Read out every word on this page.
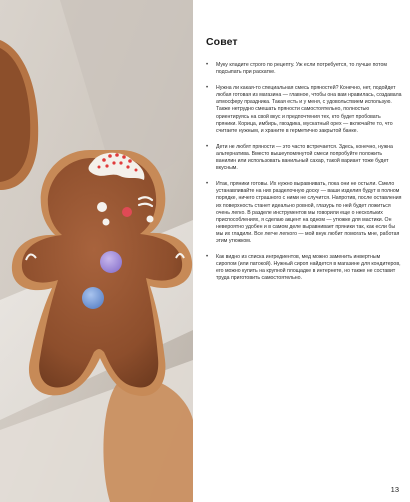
Совет
• Муку кладите строго по рецепту. Уж если потребуется, то лучше потом подсыпать при раскатке.
• Нужна ли какая-то специальная смесь пряностей? Конечно, нет, подойдет любая готовая из магазина — главное, чтобы она вам нравилась, создавала атмосферу праздника. Такая есть и у меня, с удовольствием использую. Также нетрудно смешать пряности самостоятельно, полностью ориентируясь на свой вкус и предпочтения тех, кто будет пробовать пряники. Корица, имбирь, гвоздика, мускатный орех — включайте то, что считаете нужным, и храните в герметично закрытой банке.
• Дети не любят пряности — это часто встречается. Здесь, конечно, нужна альтернатива. Вместо вышеупомянутой смеси попробуйте положить ванилин или использовать ванильный сахар, такой вариант тоже будет вкусным.
• Итак, пряники готовы. Их нужно выравнивать, пока они не остыли. Смело устанавливайте на них разделочную доску — ваши изделия будут в полном порядке, ничего страшного с ними не случится. Напротив, после оставления их поверхность станет идеально ровной, глазурь по ней будет ложиться очень легко. В разделе инструментов мы говорили еще о нескольких приспособлениях, я сделаю акцент на одном — утюжке для мастики. Он невероятно удобен и в самом деле выравнивает пряники так, как если бы мы их гладили. Все легче легкого — мой внук любит помогать мне, работая этим утюжком.
• Как видно из списка ингредиентов, мед можно заменить инвертным сиропом (или патокой). Нужный сироп найдется в магазине для кондитеров, его можно купить на крупной площадке в интернете, но также не составит труда приготовить самостоятельно.
13
